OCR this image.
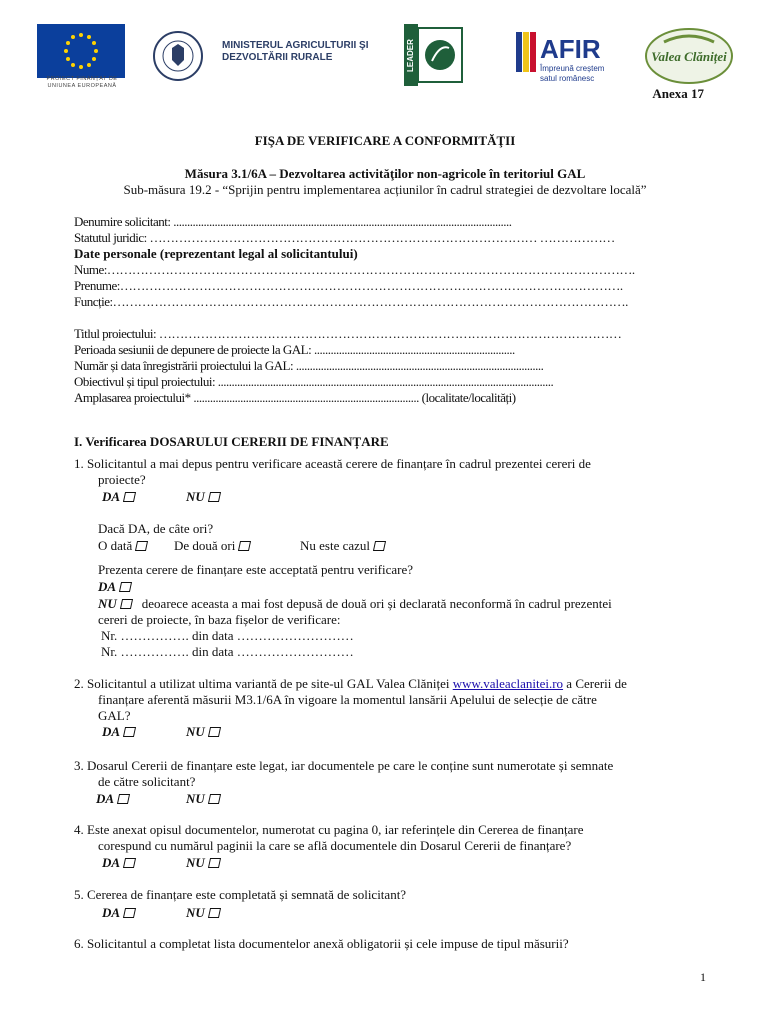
PROIECT FINANȚAT DE UNIUNEA EUROPEANĂ
MINISTERUL AGRICULTURII ŞI
DEZVOLTĂRII RURALE	LEADER	AFIR
Împreună creștem
satul românesc
Valea Clăniței
Anexa 17
FIŞA DE VERIFICARE A CONFORMITĂŢII
Măsura 3.1/6A – Dezvoltarea activităţilor non-agricole în teritoriul GAL
Sub-măsura 19.2 - “Sprijin pentru implementarea acțiunilor în cadrul strategiei de dezvoltare locală”
Denumire solicitant: ...........................................................................................................................
Statutul juridic: ………………………………………………………………………………… ………………
Date personale (reprezentant legal al solicitantului)
Nume:……………………………………………………………………………………………………………….
Prenume:………………………………………………………………………………………………………….
Funcție:…………………………………………………………………………………………………………….
Titlul proiectului: …………………………………………………………………………………………………
Perioada sesiunii de depunere de proiecte la GAL: .........................................................................
Număr și data înregistrării proiectului la GAL: ..........................................................................................
Obiectivul și tipul proiectului: ..........................................................................................................................
Amplasarea proiectului* .................................................................................. (localitate/localități)
I. Verificarea DOSARULUI CERERII DE FINANȚARE
1. Solicitantul a mai depus pentru verificare această cerere de finanțare în cadrul prezentei cereri de
proiecte?
DA	NU
Dacă DA, de câte ori?
O dată	De două ori	Nu este cazul
Prezenta cerere de finanțare este acceptată pentru verificare?
DA
NU deoarece aceasta a mai fost depusă de două ori și declarată neconformă în cadrul prezentei
cereri de proiecte, în baza fișelor de verificare:
Nr. ……………. din data ………………………
Nr. ……………. din data ………………………
2. Solicitantul a utilizat ultima variantă de pe site-ul GAL Valea Clăniței www.valeaclanitei.ro a Cererii de
finanțare aferentă măsurii M3.1/6A în vigoare la momentul lansării Apelului de selecție de către
GAL?
DA	NU
3. Dosarul Cererii de finanțare este legat, iar documentele pe care le conține sunt numerotate și semnate
de către solicitant?
DA	NU
4. Este anexat opisul documentelor, numerotat cu pagina 0, iar referințele din Cererea de finanțare
corespund cu numărul paginii la care se află documentele din Dosarul Cererii de finanțare?
DA	NU
5. Cererea de finanțare este completată și semnată de solicitant?
DA	NU
6. Solicitantul a completat lista documentelor anexă obligatorii și cele impuse de tipul măsurii?
1
